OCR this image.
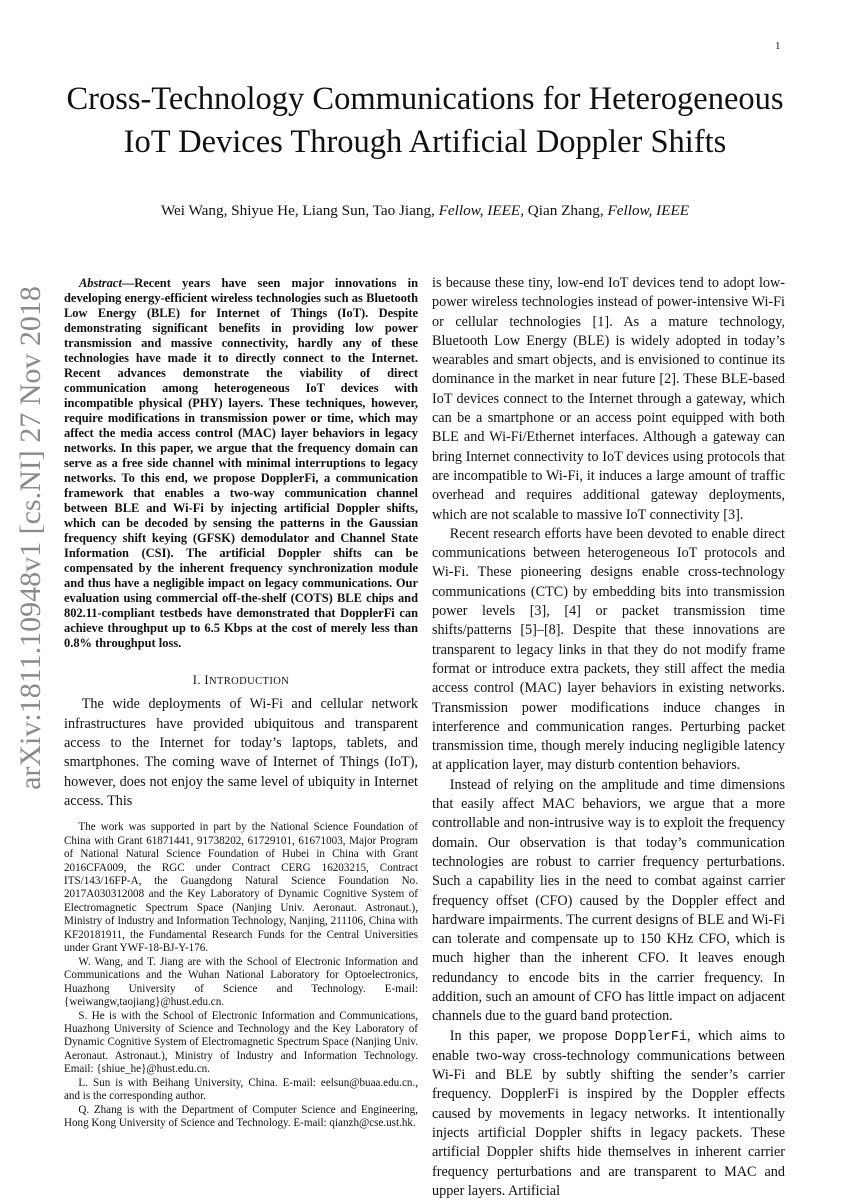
1
arXiv:1811.10948v1 [cs.NI] 27 Nov 2018
Cross-Technology Communications for Heterogeneous IoT Devices Through Artificial Doppler Shifts
Wei Wang, Shiyue He, Liang Sun, Tao Jiang, Fellow, IEEE, Qian Zhang, Fellow, IEEE

Abstract—Recent years have seen major innovations in developing energy-efficient wireless technologies such as Bluetooth Low Energy (BLE) for Internet of Things (IoT). Despite demonstrating significant benefits in providing low power transmission and massive connectivity, hardly any of these technologies have made it to directly connect to the Internet. Recent advances demonstrate the viability of direct communication among heterogeneous IoT devices with incompatible physical (PHY) layers. These techniques, however, require modifications in transmission power or time, which may affect the media access control (MAC) layer behaviors in legacy networks. In this paper, we argue that the frequency domain can serve as a free side channel with minimal interruptions to legacy networks. To this end, we propose DopplerFi, a communication framework that enables a two-way communication channel between BLE and Wi-Fi by injecting artificial Doppler shifts, which can be decoded by sensing the patterns in the Gaussian frequency shift keying (GFSK) demodulator and Channel State Information (CSI). The artificial Doppler shifts can be compensated by the inherent frequency synchronization module and thus have a negligible impact on legacy communications. Our evaluation using commercial off-the-shelf (COTS) BLE chips and 802.11-compliant testbeds have demonstrated that DopplerFi can achieve throughput up to 6.5 Kbps at the cost of merely less than 0.8% throughput loss.

I. INTRODUCTION

The wide deployments of Wi-Fi and cellular network infrastructures have provided ubiquitous and transparent access to the Internet for today’s laptops, tablets, and smartphones. The coming wave of Internet of Things (IoT), however, does not enjoy the same level of ubiquity in Internet access. This

The work was supported in part by the National Science Foundation of China with Grant 61871441, 91738202, 61729101, 61671003, Major Program of National Natural Science Foundation of Hubei in China with Grant 2016CFA009, the RGC under Contract CERG 16203215, Contract ITS/143/16FP-A, the Guangdong Natural Science Foundation No. 2017A030312008 and the Key Laboratory of Dynamic Cognitive System of Electromagnetic Spectrum Space (Nanjing Univ. Aeronaut. Astronaut.), Ministry of Industry and Information Technology, Nanjing, 211106, China with KF20181911, the Fundamental Research Funds for the Central Universities under Grant YWF-18-BJ-Y-176.

W. Wang, and T. Jiang are with the School of Electronic Information and Communications and the Wuhan National Laboratory for Optoelectronics, Huazhong University of Science and Technology. E-mail: {weiwangw,taojiang}@hust.edu.cn.

S. He is with the School of Electronic Information and Communications, Huazhong University of Science and Technology and the Key Laboratory of Dynamic Cognitive System of Electromagnetic Spectrum Space (Nanjing Univ. Aeronaut. Astronaut.), Ministry of Industry and Information Technology. Email: {shiue_he}@hust.edu.cn.

L. Sun is with Beihang University, China. E-mail: eelsun@buaa.edu.cn., and is the corresponding author.

Q. Zhang is with the Department of Computer Science and Engineering, Hong Kong University of Science and Technology. E-mail: qianzh@cse.ust.hk.

is because these tiny, low-end IoT devices tend to adopt low-power wireless technologies instead of power-intensive Wi-Fi or cellular technologies [1]. As a mature technology, Bluetooth Low Energy (BLE) is widely adopted in today’s wearables and smart objects, and is envisioned to continue its dominance in the market in near future [2]. These BLE-based IoT devices connect to the Internet through a gateway, which can be a smartphone or an access point equipped with both BLE and Wi-Fi/Ethernet interfaces. Although a gateway can bring Internet connectivity to IoT devices using protocols that are incompatible to Wi-Fi, it induces a large amount of traffic overhead and requires additional gateway deployments, which are not scalable to massive IoT connectivity [3].

Recent research efforts have been devoted to enable direct communications between heterogeneous IoT protocols and Wi-Fi. These pioneering designs enable cross-technology communications (CTC) by embedding bits into transmission power levels [3], [4] or packet transmission time shifts/patterns [5]–[8]. Despite that these innovations are transparent to legacy links in that they do not modify frame format or introduce extra packets, they still affect the media access control (MAC) layer behaviors in existing networks. Transmission power modifications induce changes in interference and communication ranges. Perturbing packet transmission time, though merely inducing negligible latency at application layer, may disturb contention behaviors.

Instead of relying on the amplitude and time dimensions that easily affect MAC behaviors, we argue that a more controllable and non-intrusive way is to exploit the frequency domain. Our observation is that today’s communication technologies are robust to carrier frequency perturbations. Such a capability lies in the need to combat against carrier frequency offset (CFO) caused by the Doppler effect and hardware impairments. The current designs of BLE and Wi-Fi can tolerate and compensate up to 150 KHz CFO, which is much higher than the inherent CFO. It leaves enough redundancy to encode bits in the carrier frequency. In addition, such an amount of CFO has little impact on adjacent channels due to the guard band protection.

In this paper, we propose DopplerFi, which aims to enable two-way cross-technology communications between Wi-Fi and BLE by subtly shifting the sender’s carrier frequency. DopplerFi is inspired by the Doppler effects caused by movements in legacy networks. It intentionally injects artificial Doppler shifts in legacy packets. These artificial Doppler shifts hide themselves in inherent carrier frequency perturbations and are transparent to MAC and upper layers. Artificial
